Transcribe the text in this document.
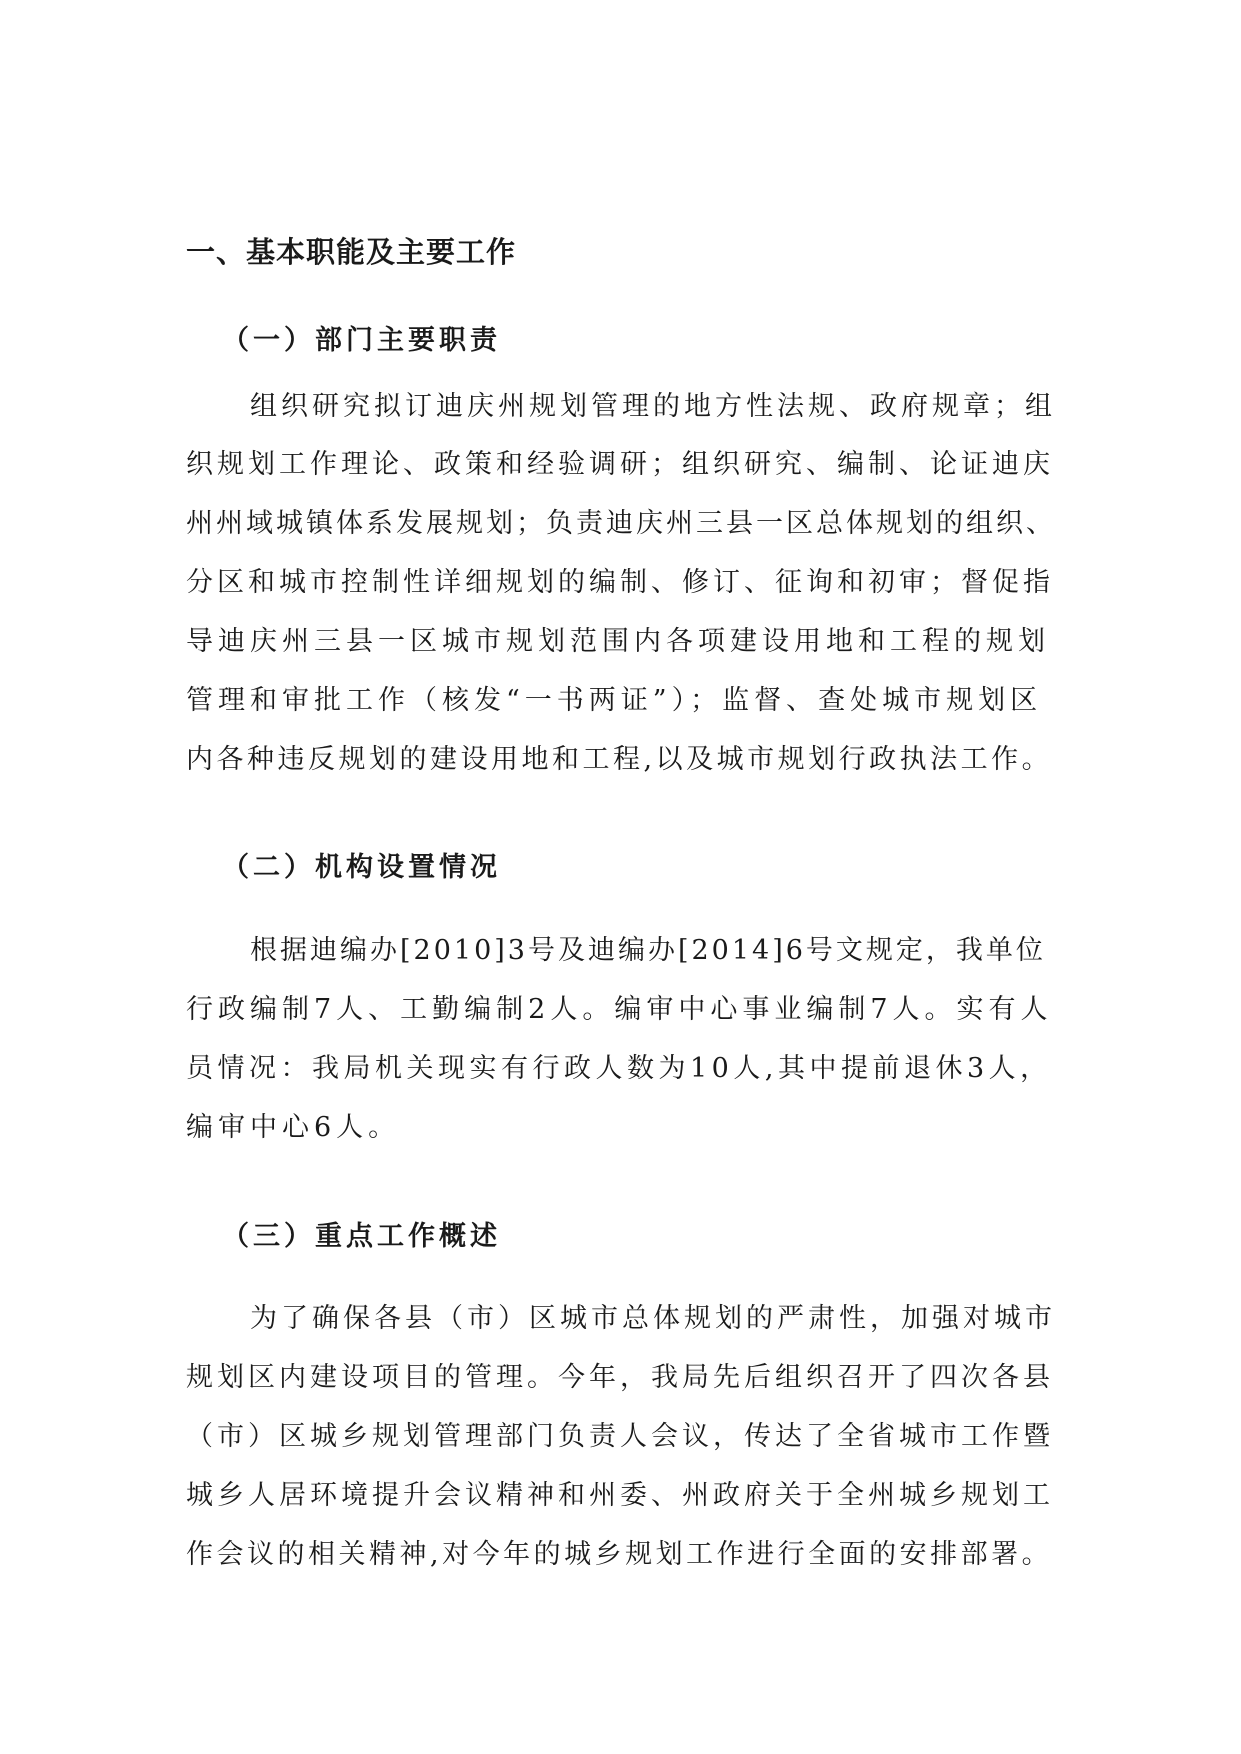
一、基本职能及主要工作
（一）部门主要职责

组织研究拟订迪庆州规划管理的地方性法规、政府规章；组

织规划工作理论、政策和经验调研；组织研究、编制、论证迪庆

州州域城镇体系发展规划；负责迪庆州三县一区总体规划的组织、

分区和城市控制性详细规划的编制、修订、征询和初审；督促指

导迪庆州三县一区城市规划范围内各项建设用地和工程的规划

管理和审批工作（核发“一书两证”）；监督、查处城市规划区

内各种违反规划的建设用地和工程,以及城市规划行政执法工作。

（二）机构设置情况

根据迪编办[2010]3号及迪编办[2014]6号文规定，我单位

行政编制7人、工勤编制2人。编审中心事业编制7人。实有人

员情况：我局机关现实有行政人数为10人,其中提前退休3人，

编审中心6人。

（三）重点工作概述

为了确保各县（市）区城市总体规划的严肃性，加强对城市

规划区内建设项目的管理。今年，我局先后组织召开了四次各县

（市）区城乡规划管理部门负责人会议，传达了全省城市工作暨

城乡人居环境提升会议精神和州委、州政府关于全州城乡规划工

作会议的相关精神,对今年的城乡规划工作进行全面的安排部署。
